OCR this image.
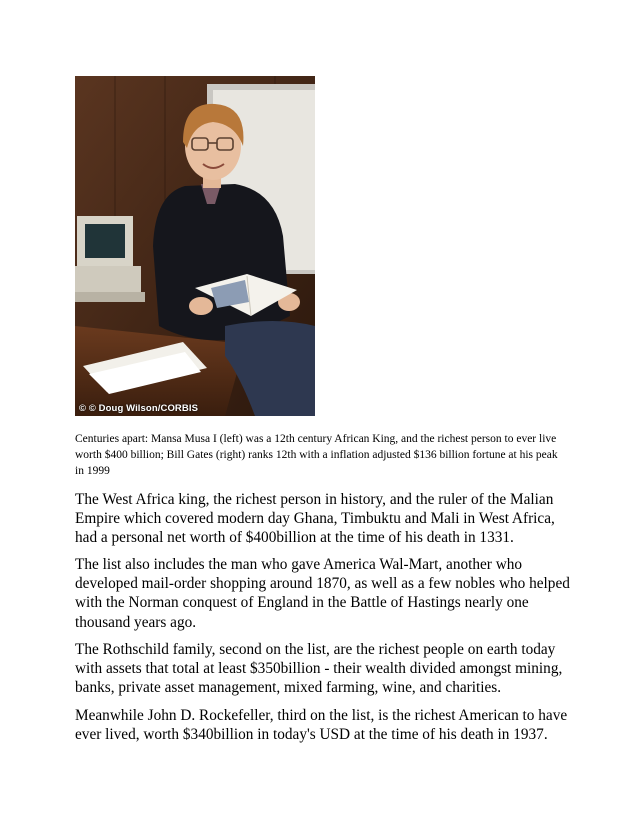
© © Doug Wilson/CORBIS
Centuries apart: Mansa Musa I (left) was a 12th century African King, and the richest person to ever live worth $400 billion; Bill Gates (right) ranks 12th with a inflation adjusted $136 billion fortune at his peak in 1999

The West Africa king, the richest person in history, and the ruler of the Malian Empire which covered modern day Ghana, Timbuktu and Mali in West Africa, had a personal net worth of $400billion at the time of his death in 1331.

The list also includes the man who gave America Wal-Mart, another who developed mail-order shopping around 1870, as well as a few nobles who helped with the Norman conquest of England in the Battle of Hastings nearly one thousand years ago.

The Rothschild family, second on the list, are the richest people on earth today with assets that total at least $350billion - their wealth divided amongst mining, banks, private asset management, mixed farming, wine, and charities.

Meanwhile John D. Rockefeller, third on the list, is the richest American to have ever lived, worth $340billion in today's USD at the time of his death in 1937.
